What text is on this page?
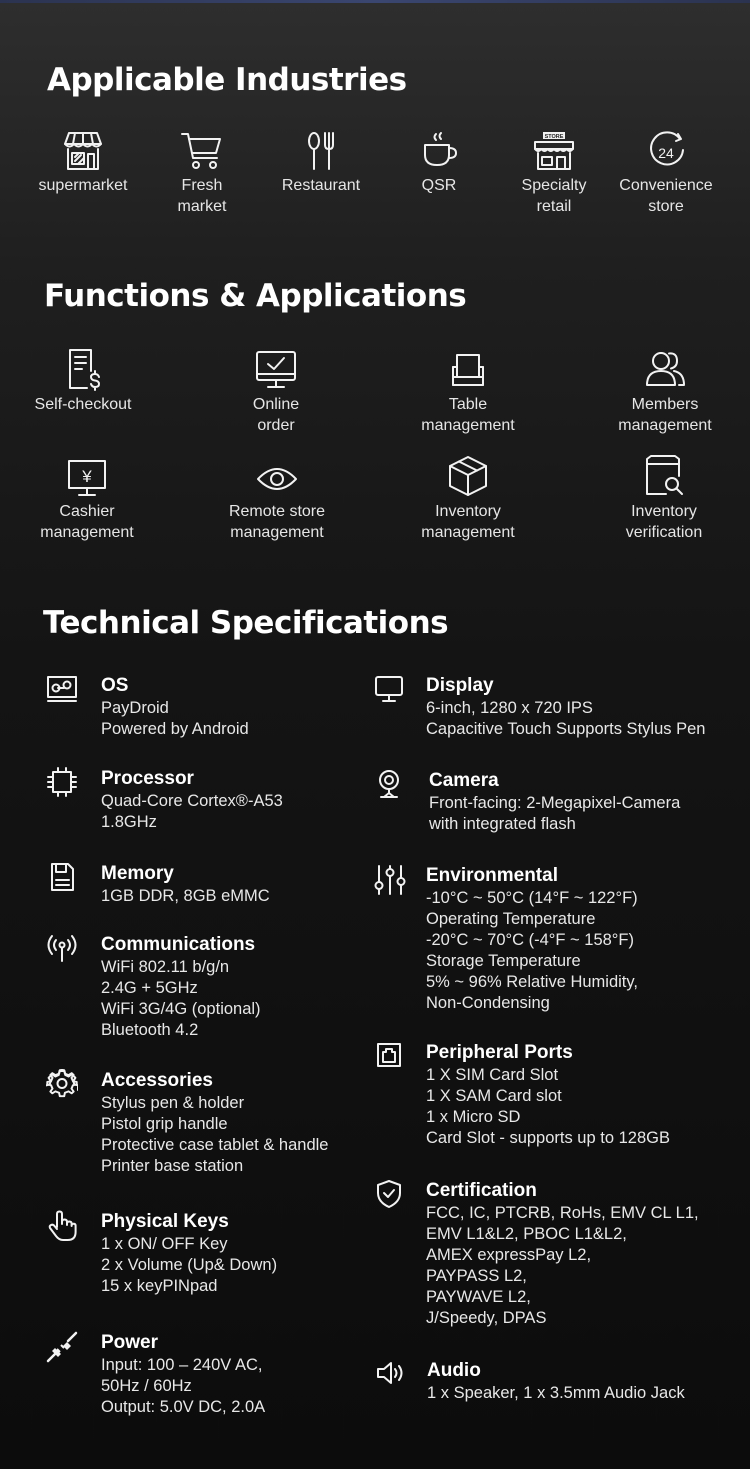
Applicable Industries
supermarket	Fresh
market
Restaurant	QSR
STORE
Specialty
retail
24
Convenience
store
Functions & Applications
Self-checkout	Online
order
Table
management
Members
management
¥
Cashier
management
Remote store
management
Inventory
management
Inventory
verification
Technical Specifications
OS
PayDroid
Powered by Android
Processor
Quad-Core Cortex®-A53
1.8GHz
Memory
1GB DDR, 8GB eMMC
Communications
WiFi 802.11 b/g/n
2.4G + 5GHz
WiFi 3G/4G (optional)
Bluetooth 4.2
Accessories
Stylus pen & holder
Pistol grip handle
Protective case tablet & handle
Printer base station
Physical Keys
1 x ON/ OFF Key
2 x Volume (Up& Down)
15 x keyPINpad
Power
Input: 100 – 240V AC,
50Hz / 60Hz
Output: 5.0V DC, 2.0A
Display
6-inch, 1280 x 720 IPS
Capacitive Touch Supports Stylus Pen
Camera
Front-facing: 2-Megapixel-Camera
with integrated flash
Environmental
-10°C ~ 50°C (14°F ~ 122°F)
Operating Temperature
-20°C ~ 70°C (-4°F ~ 158°F)
Storage Temperature
5% ~ 96% Relative Humidity,
Non-Condensing
Peripheral Ports
1 X SIM Card Slot
1 X SAM Card slot
1 x Micro SD
Card Slot - supports up to 128GB
Certification
FCC, IC, PTCRB, RoHs, EMV CL L1,
EMV L1&L2, PBOC L1&L2,
AMEX expressPay L2,
PAYPASS L2,
PAYWAVE L2,
J/Speedy, DPAS
Audio
1 x Speaker, 1 x 3.5mm Audio Jack
